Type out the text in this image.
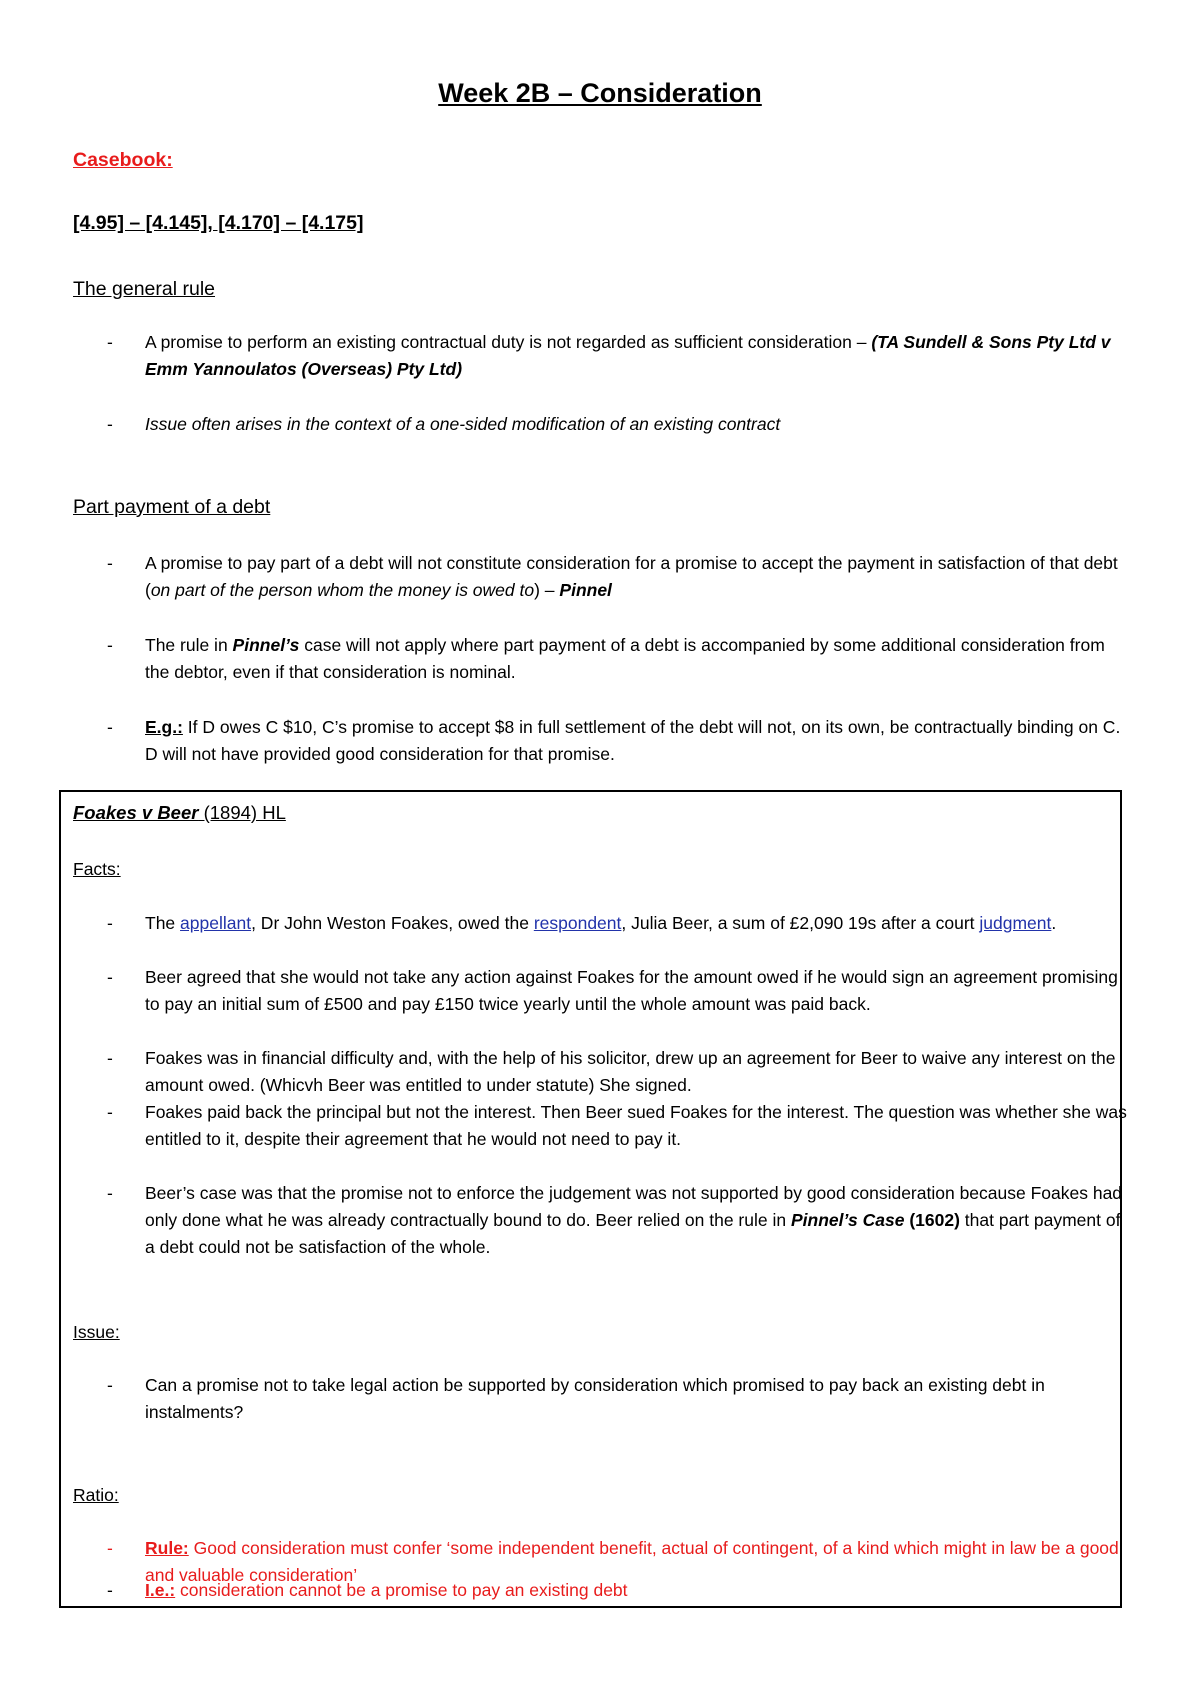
Week 2B – Consideration
Casebook:
[4.95] – [4.145], [4.170] – [4.175]
The general rule
- A promise to perform an existing contractual duty is not regarded as sufficient consideration – (TA Sundell & Sons Pty Ltd v Emm Yannoulatos (Overseas) Pty Ltd)
- Issue often arises in the context of a one-sided modification of an existing contract
Part payment of a debt
- A promise to pay part of a debt will not constitute consideration for a promise to accept the payment in satisfaction of that debt (on part of the person whom the money is owed to) – Pinnel
- The rule in Pinnel’s case will not apply where part payment of a debt is accompanied by some additional consideration from the debtor, even if that consideration is nominal.
- E.g.: If D owes C $10, C’s promise to accept $8 in full settlement of the debt will not, on its own, be contractually binding on C. D will not have provided good consideration for that promise.
Foakes v Beer (1894) HL
Facts:
- The appellant, Dr John Weston Foakes, owed the respondent, Julia Beer, a sum of £2,090 19s after a court judgment.
- Beer agreed that she would not take any action against Foakes for the amount owed if he would sign an agreement promising to pay an initial sum of £500 and pay £150 twice yearly until the whole amount was paid back.
- Foakes was in financial difficulty and, with the help of his solicitor, drew up an agreement for Beer to waive any interest on the amount owed. (Whicvh Beer was entitled to under statute) She signed.
- Foakes paid back the principal but not the interest. Then Beer sued Foakes for the interest. The question was whether she was entitled to it, despite their agreement that he would not need to pay it.
- Beer’s case was that the promise not to enforce the judgement was not supported by good consideration because Foakes had only done what he was already contractually bound to do. Beer relied on the rule in Pinnel’s Case (1602) that part payment of a debt could not be satisfaction of the whole.
Issue:
- Can a promise not to take legal action be supported by consideration which promised to pay back an existing debt in instalments?
Ratio:
- Rule: Good consideration must confer ‘some independent benefit, actual of contingent, of a kind which might in law be a good and valuable consideration’
- I.e.: consideration cannot be a promise to pay an existing debt
